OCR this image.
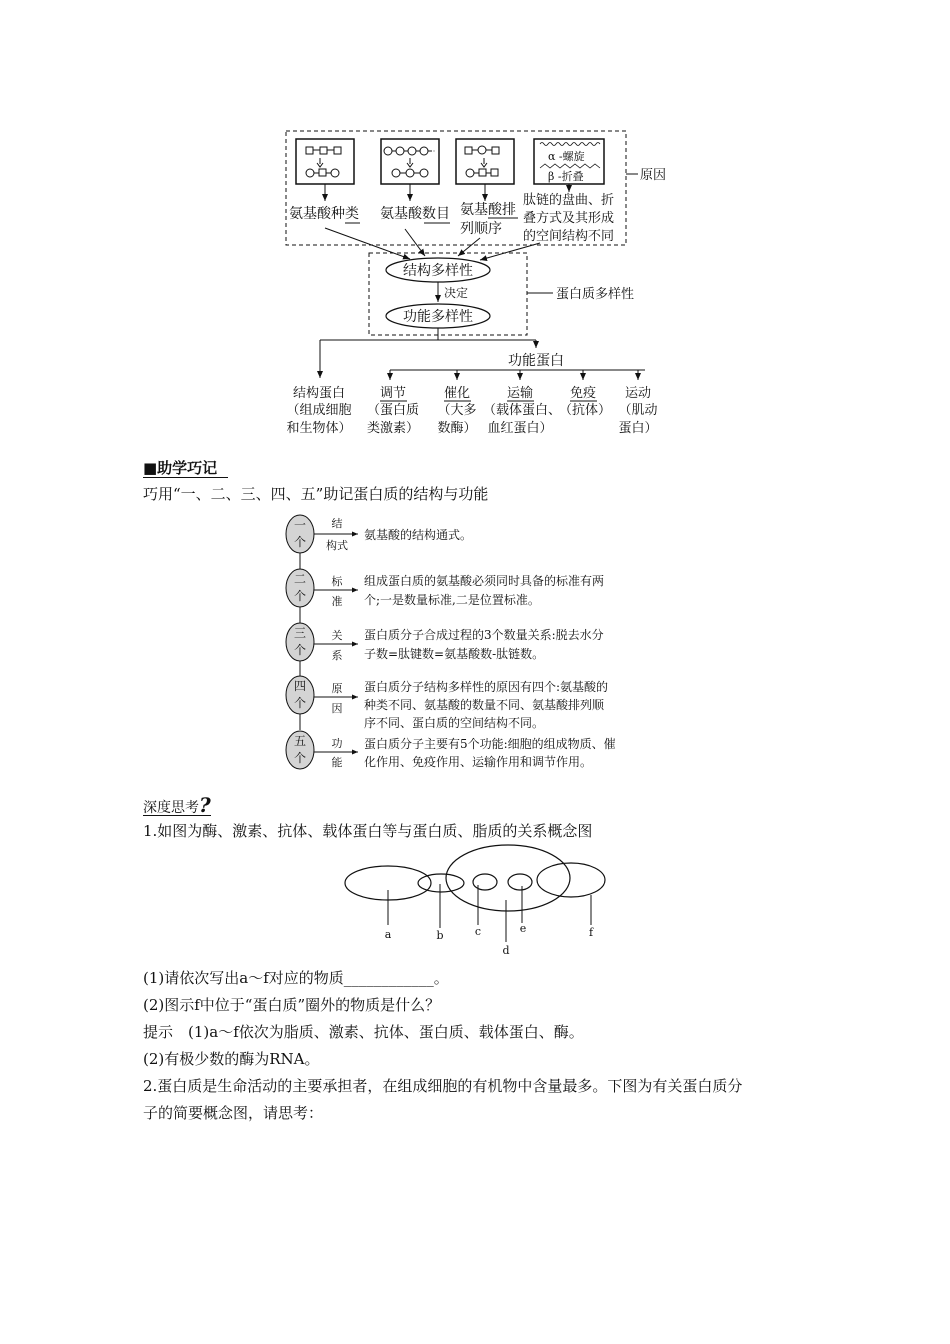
原因
α -螺旋
β -折叠
氨基酸种类 氨基酸数目 氨基酸排
列顺序
肽链的盘曲、折
叠方式及其形成
的空间结构不同
蛋白质多样性
结构多样性
决定
功能多样性
功能蛋白
结构蛋白
（组成细胞
和生物体）
调节
（蛋白质
类激素）
催化
（大多
数酶）
运输
（载体蛋白、
血红蛋白）
免疫
（抗体）
运动
（肌动
蛋白）
■助学巧记
巧用“一、二、三、四、五”助记蛋白质的结构与功能
一
个
结
构式
氨基酸的结构通式。
二
个
标
准
组成蛋白质的氨基酸必须同时具备的标准有两
个;一是数量标准,二是位置标准。
三
个
关
系
蛋白质分子合成过程的3个数量关系:脱去水分
子数=肽键数=氨基酸数-肽链数。
四
个
原
因
蛋白质分子结构多样性的原因有四个:氨基酸的
种类不同、氨基酸的数量不同、氨基酸排列顺
序不同、蛋白质的空间结构不同。
五
个
功
能
蛋白质分子主要有5个功能:细胞的组成物质、催
化作用、免疫作用、运输作用和调节作用。
深度思考?
1.如图为酶、激素、抗体、载体蛋白等与蛋白质、脂质的关系概念图
a	b	c
d
e	f
(1)请依次写出a～f对应的物质____________。
(2)图示f中位于“蛋白质”圈外的物质是什么？
提示　(1)a～f依次为脂质、激素、抗体、蛋白质、载体蛋白、酶。
(2)有极少数的酶为RNA。
2.蛋白质是生命活动的主要承担者，在组成细胞的有机物中含量最多。下图为有关蛋白质分
子的简要概念图，请思考：
